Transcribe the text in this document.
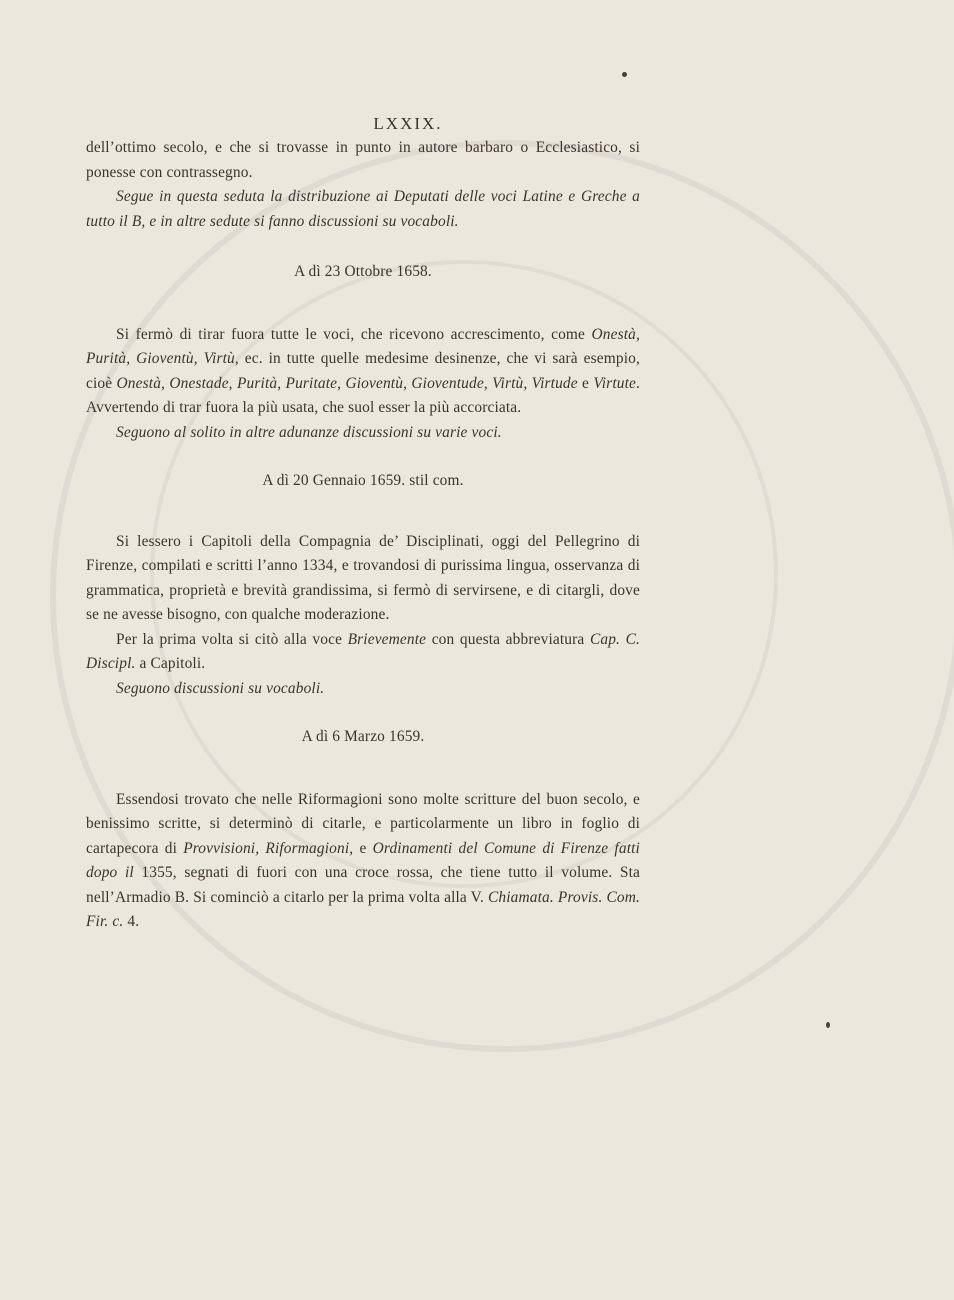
LXXIX.

dell’ottimo secolo, e che si trovasse in punto in autore barbaro o Ecclesiastico, si ponesse con contrassegno.

Segue in questa seduta la distribuzione ai Deputati delle voci Latine e Greche a tutto il B, e in altre sedute si fanno discussioni su vocaboli.

A dì 23 Ottobre 1658.

Si fermò di tirar fuora tutte le voci, che ricevono accrescimento, come Onestà, Purità, Gioventù, Virtù, ec. in tutte quelle medesime desinenze, che vi sarà esempio, cioè Onestà, Onestade, Purità, Puritate, Gioventù, Gioventude, Virtù, Virtude e Virtute. Avvertendo di trar fuora la più usata, che suol esser la più accorciata.

Seguono al solito in altre adunanze discussioni su varie voci.

A dì 20 Gennaio 1659. stil com.

Si lessero i Capitoli della Compagnia de’ Disciplinati, oggi del Pellegrino di Firenze, compilati e scritti l’anno 1334, e trovandosi di purissima lingua, osservanza di grammatica, proprietà e brevità grandissima, si fermò di servirsene, e di citargli, dove se ne avesse bisogno, con qualche moderazione.

Per la prima volta si citò alla voce Brievemente con questa abbreviatura Cap. C. Discipl. a Capitoli.

Seguono discussioni su vocaboli.

A dì 6 Marzo 1659.

Essendosi trovato che nelle Riformagioni sono molte scritture del buon secolo, e benissimo scritte, si determinò di citarle, e particolarmente un libro in foglio di cartapecora di Provvisioni, Riformagioni, e Ordinamenti del Comune di Firenze fatti dopo il 1355, segnati di fuori con una croce rossa, che tiene tutto il volume. Sta nell’Armadio B. Si cominciò a citarlo per la prima volta alla V. Chiamata. Provis. Com. Fir. c. 4.
